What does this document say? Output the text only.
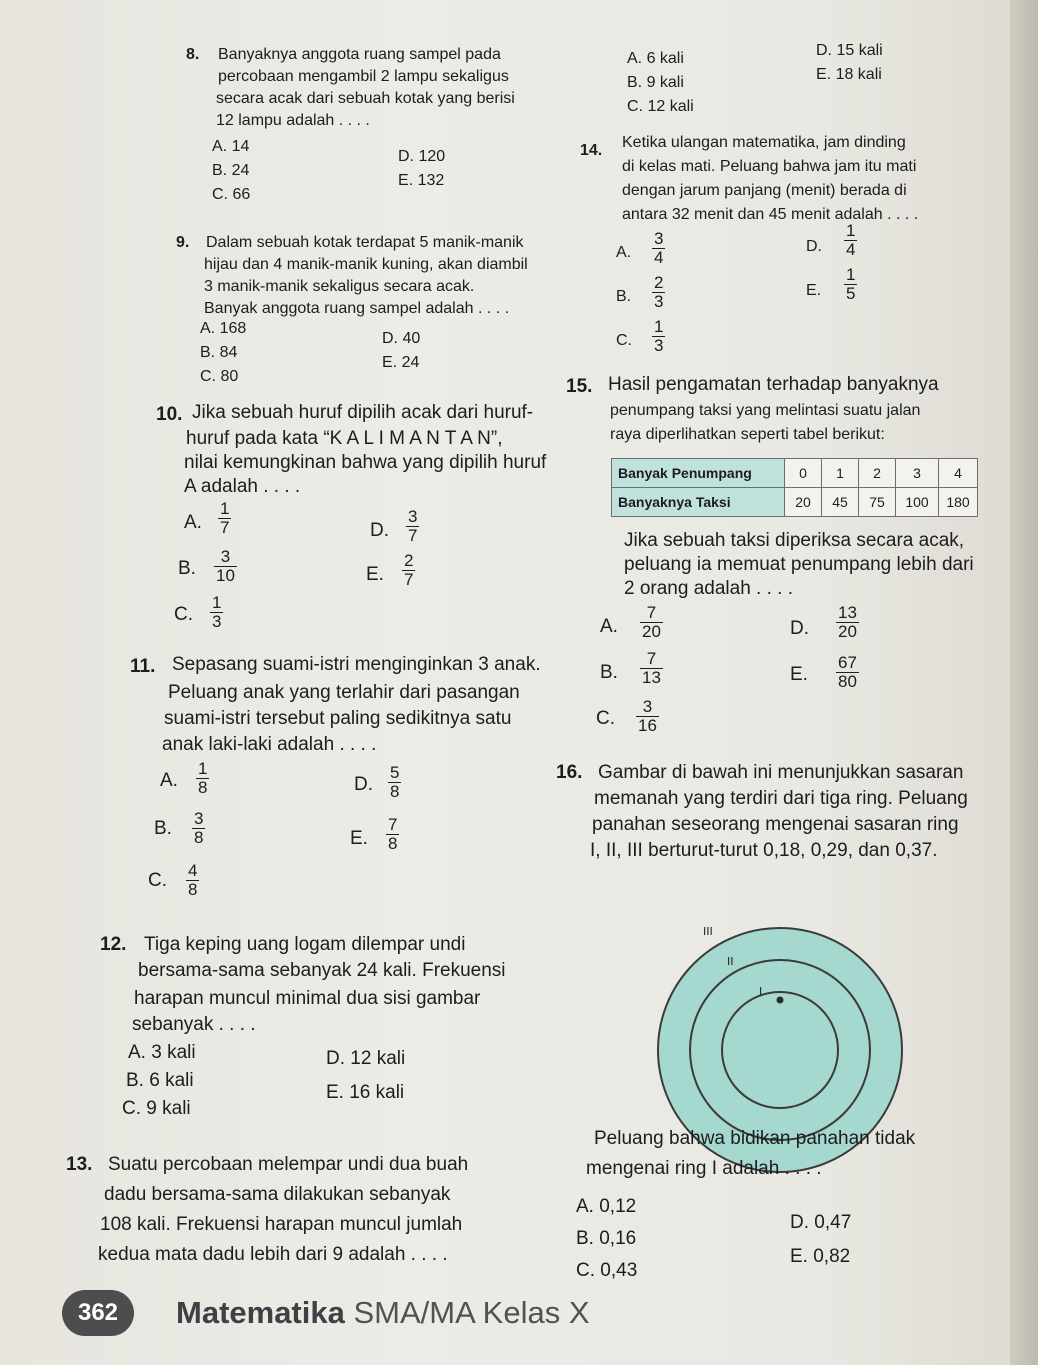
8. Banyaknya anggota ruang sampel pada
percobaan mengambil 2 lampu sekaligus
secara acak dari sebuah kotak yang berisi
12 lampu adalah . . . .
A. 14
B. 24
C. 66
D. 120
E. 132
A. 6 kali
B. 9 kali
C. 12 kali
D. 15 kali
E. 18 kali
14. Ketika ulangan matematika, jam dinding
di kelas mati. Peluang bahwa jam itu mati
dengan jarum panjang (menit) berada di
antara 32 menit dan 45 menit adalah . . . .
A. $\frac{3}{4}$
B. $\frac{2}{3}$
C. $\frac{1}{3}$
D. $\frac{1}{4}$
E. $\frac{1}{5}$
9. Dalam sebuah kotak terdapat 5 manik-manik
hijau dan 4 manik-manik kuning, akan diambil
3 manik-manik sekaligus secara acak.
Banyak anggota ruang sampel adalah . . . .
A. 168
B. 84
C. 80
D. 40
E. 24
15. Hasil pengamatan terhadap banyaknya
penumpang taksi yang melintasi suatu jalan
raya diperlihatkan seperti tabel berikut:
Banyak Penumpang	0	1	2	3	4
Banyaknya Taksi	20	45	75	100	180
Jika sebuah taksi diperiksa secara acak,
peluang ia memuat penumpang lebih dari
2 orang adalah . . . .
A. $\frac{7}{20}$
B. $\frac{7}{13}$
C. $\frac{3}{16}$
D. $\frac{13}{20}$
E. $\frac{67}{80}$
10. Jika sebuah huruf dipilih acak dari huruf-
huruf pada kata “K A L I M A N T A N”,
nilai kemungkinan bahwa yang dipilih huruf
A adalah . . . .
A. $\frac{1}{7}$
B. $\frac{3}{10}$
C. $\frac{1}{3}$
D. $\frac{3}{7}$
E. $\frac{2}{7}$
11. Sepasang suami-istri menginginkan 3 anak.
Peluang anak yang terlahir dari pasangan
suami-istri tersebut paling sedikitnya satu
anak laki-laki adalah . . . .
A. $\frac{1}{8}$
B. $\frac{3}{8}$
C. $\frac{4}{8}$
D. $\frac{5}{8}$
E. $\frac{7}{8}$
16. Gambar di bawah ini menunjukkan sasaran
memanah yang terdiri dari tiga ring. Peluang
panahan seseorang mengenai sasaran ring
I, II, III berturut-turut 0,18, 0,29, dan 0,37.
III
II
I
Peluang bahwa bidikan panahan tidak
mengenai ring I adalah . . . .
A. 0,12
B. 0,16
C. 0,43
D. 0,47
E. 0,82
12. Tiga keping uang logam dilempar undi
bersama-sama sebanyak 24 kali. Frekuensi
harapan muncul minimal dua sisi gambar
sebanyak . . . .
A. 3 kali
B. 6 kali
C. 9 kali
D. 12 kali
E. 16 kali
13. Suatu percobaan melempar undi dua buah
dadu bersama-sama dilakukan sebanyak
108 kali. Frekuensi harapan muncul jumlah
kedua mata dadu lebih dari 9 adalah . . . .
362	Matematika SMA/MA Kelas X
